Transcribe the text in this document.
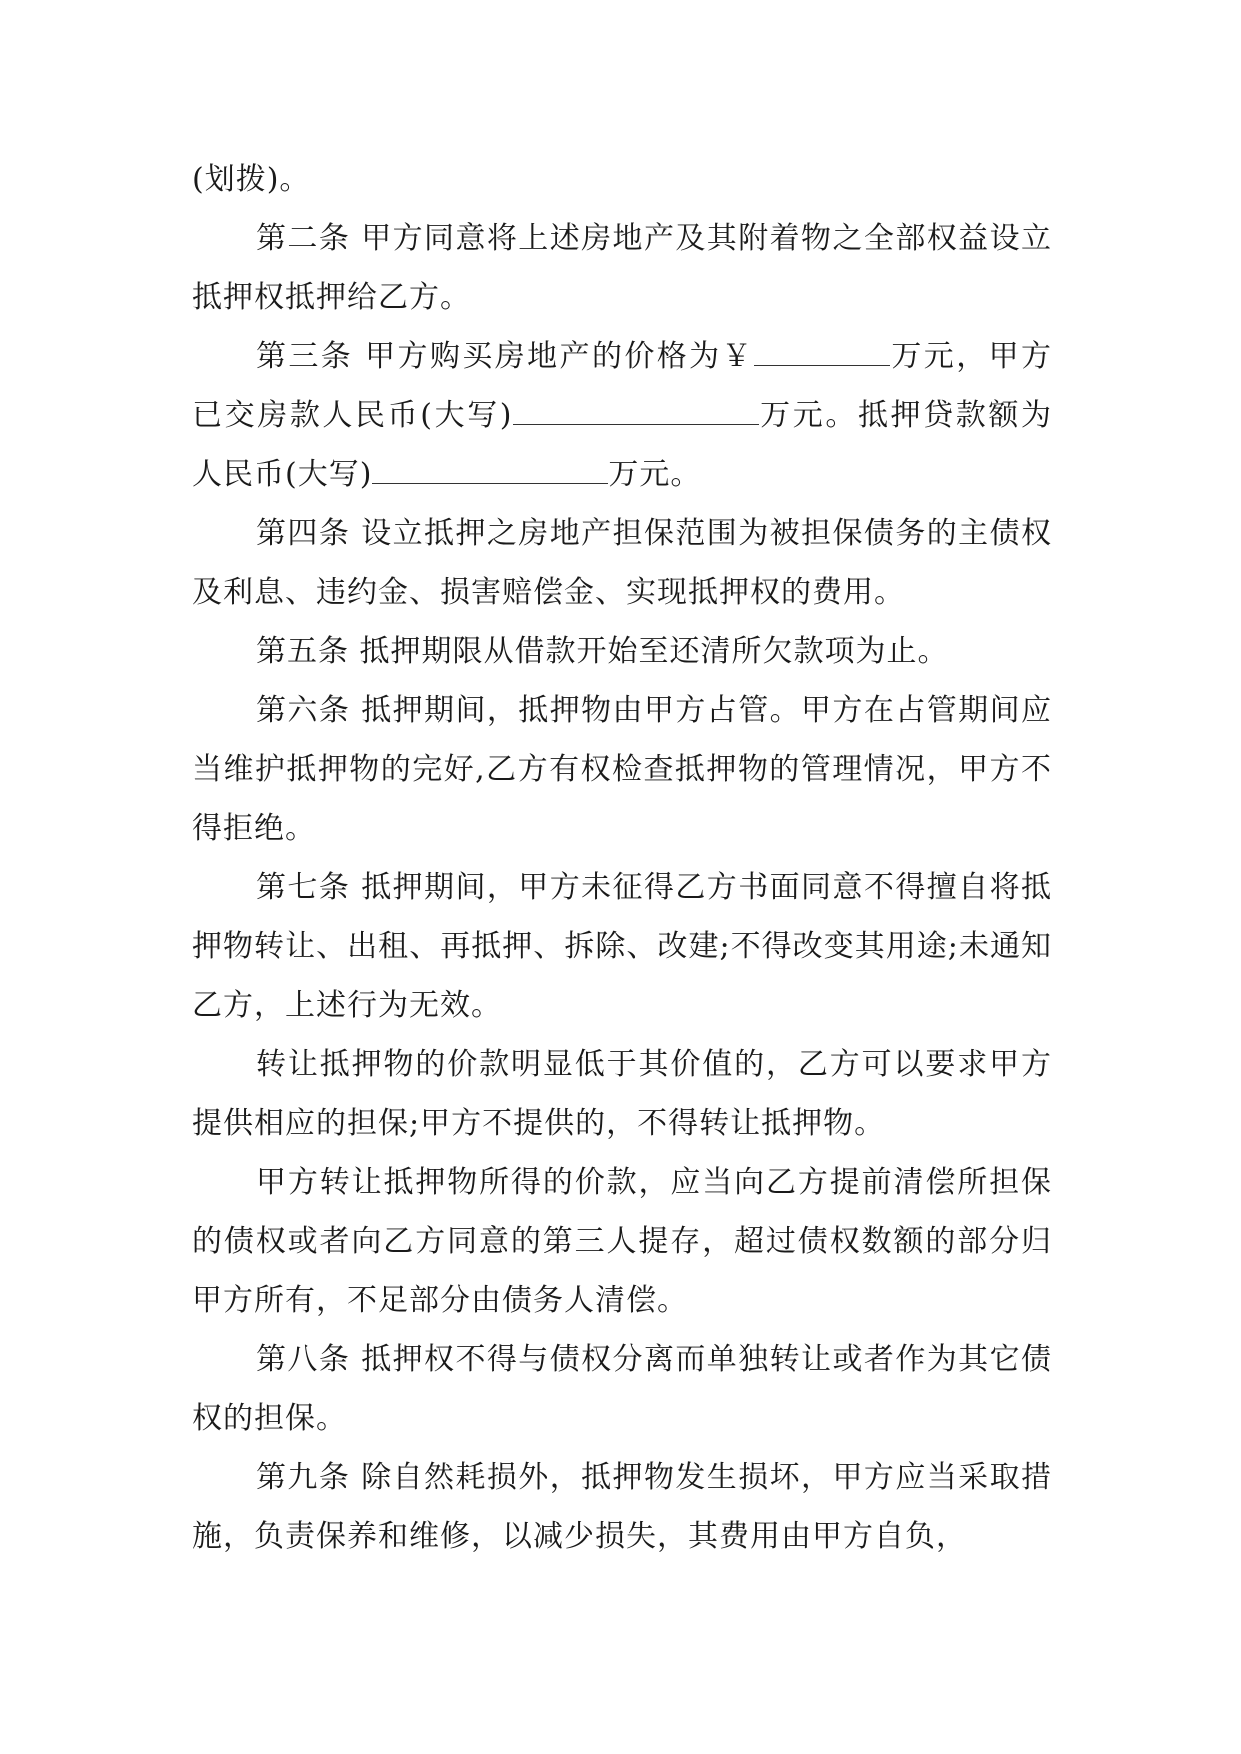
(划拨)。

第二条 甲方同意将上述房地产及其附着物之全部权益设立抵押权抵押给乙方。

第三条 甲方购买房地产的价格为￥	万元，甲方已交房款人民币(大写)	万元。抵押贷款额为人民币(大写)	万元。

第四条 设立抵押之房地产担保范围为被担保债务的主债权及利息、违约金、损害赔偿金、实现抵押权的费用。

第五条 抵押期限从借款开始至还清所欠款项为止。

第六条 抵押期间，抵押物由甲方占管。甲方在占管期间应当维护抵押物的完好,乙方有权检查抵押物的管理情况，甲方不得拒绝。

第七条 抵押期间，甲方未征得乙方书面同意不得擅自将抵押物转让、出租、再抵押、拆除、改建;不得改变其用途;未通知乙方，上述行为无效。

转让抵押物的价款明显低于其价值的，乙方可以要求甲方提供相应的担保;甲方不提供的，不得转让抵押物。

甲方转让抵押物所得的价款，应当向乙方提前清偿所担保的债权或者向乙方同意的第三人提存，超过债权数额的部分归甲方所有，不足部分由债务人清偿。

第八条 抵押权不得与债权分离而单独转让或者作为其它债权的担保。

第九条 除自然耗损外，抵押物发生损坏，甲方应当采取措施，负责保养和维修，以减少损失，其费用由甲方自负，
